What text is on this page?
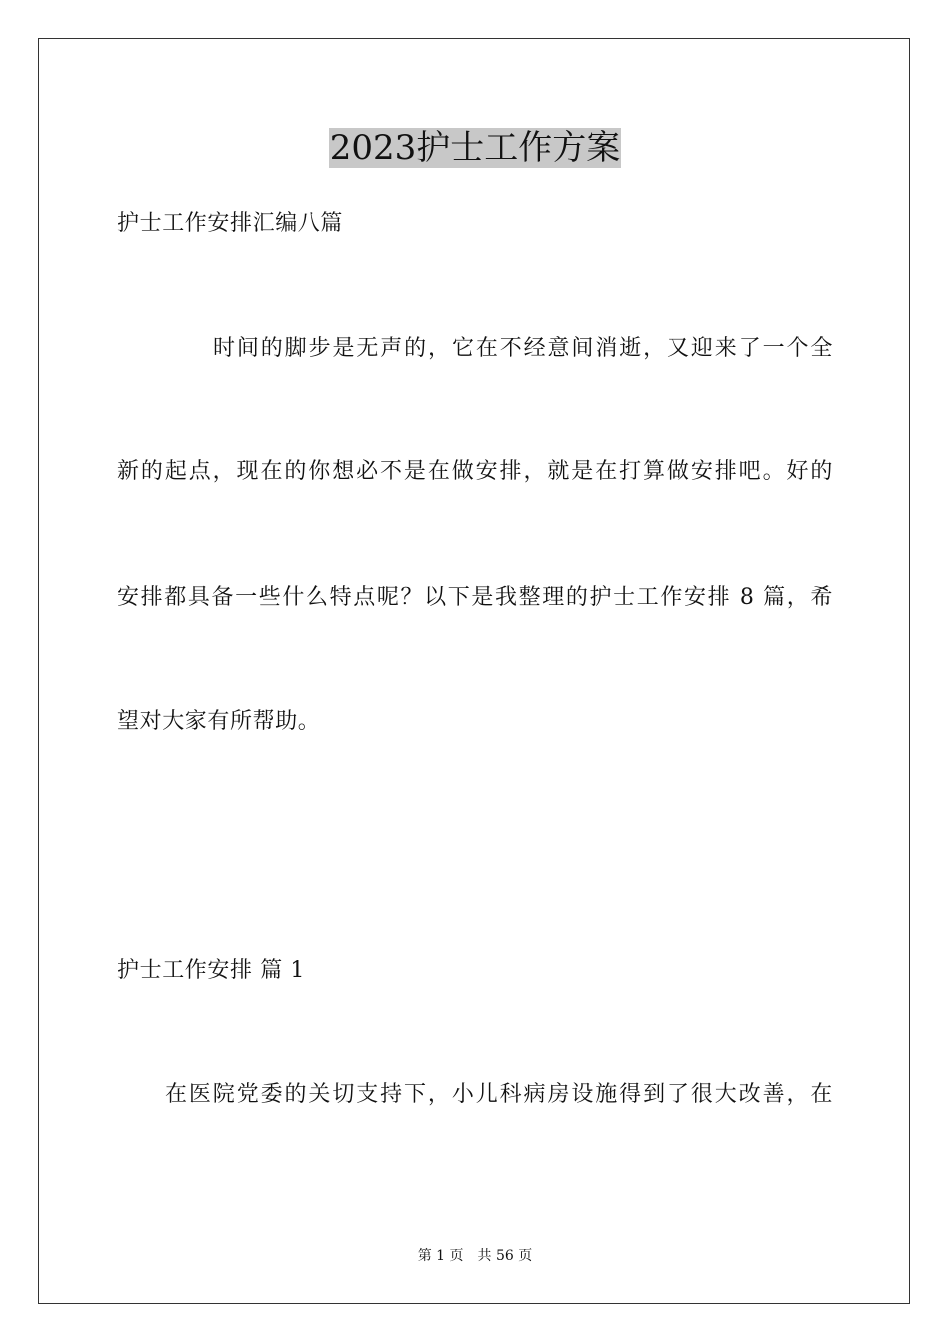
2023护士工作方案
护士工作安排汇编八篇
时间的脚步是无声的，它在不经意间消逝，又迎来了一个全
新的起点，现在的你想必不是在做安排，就是在打算做安排吧。好的
安排都具备一些什么特点呢？以下是我整理的护士工作安排 8 篇，希
望对大家有所帮助。
护士工作安排 篇 1
在医院党委的关切支持下，小儿科病房设施得到了很大改善，在
第 1 页 共 56 页
